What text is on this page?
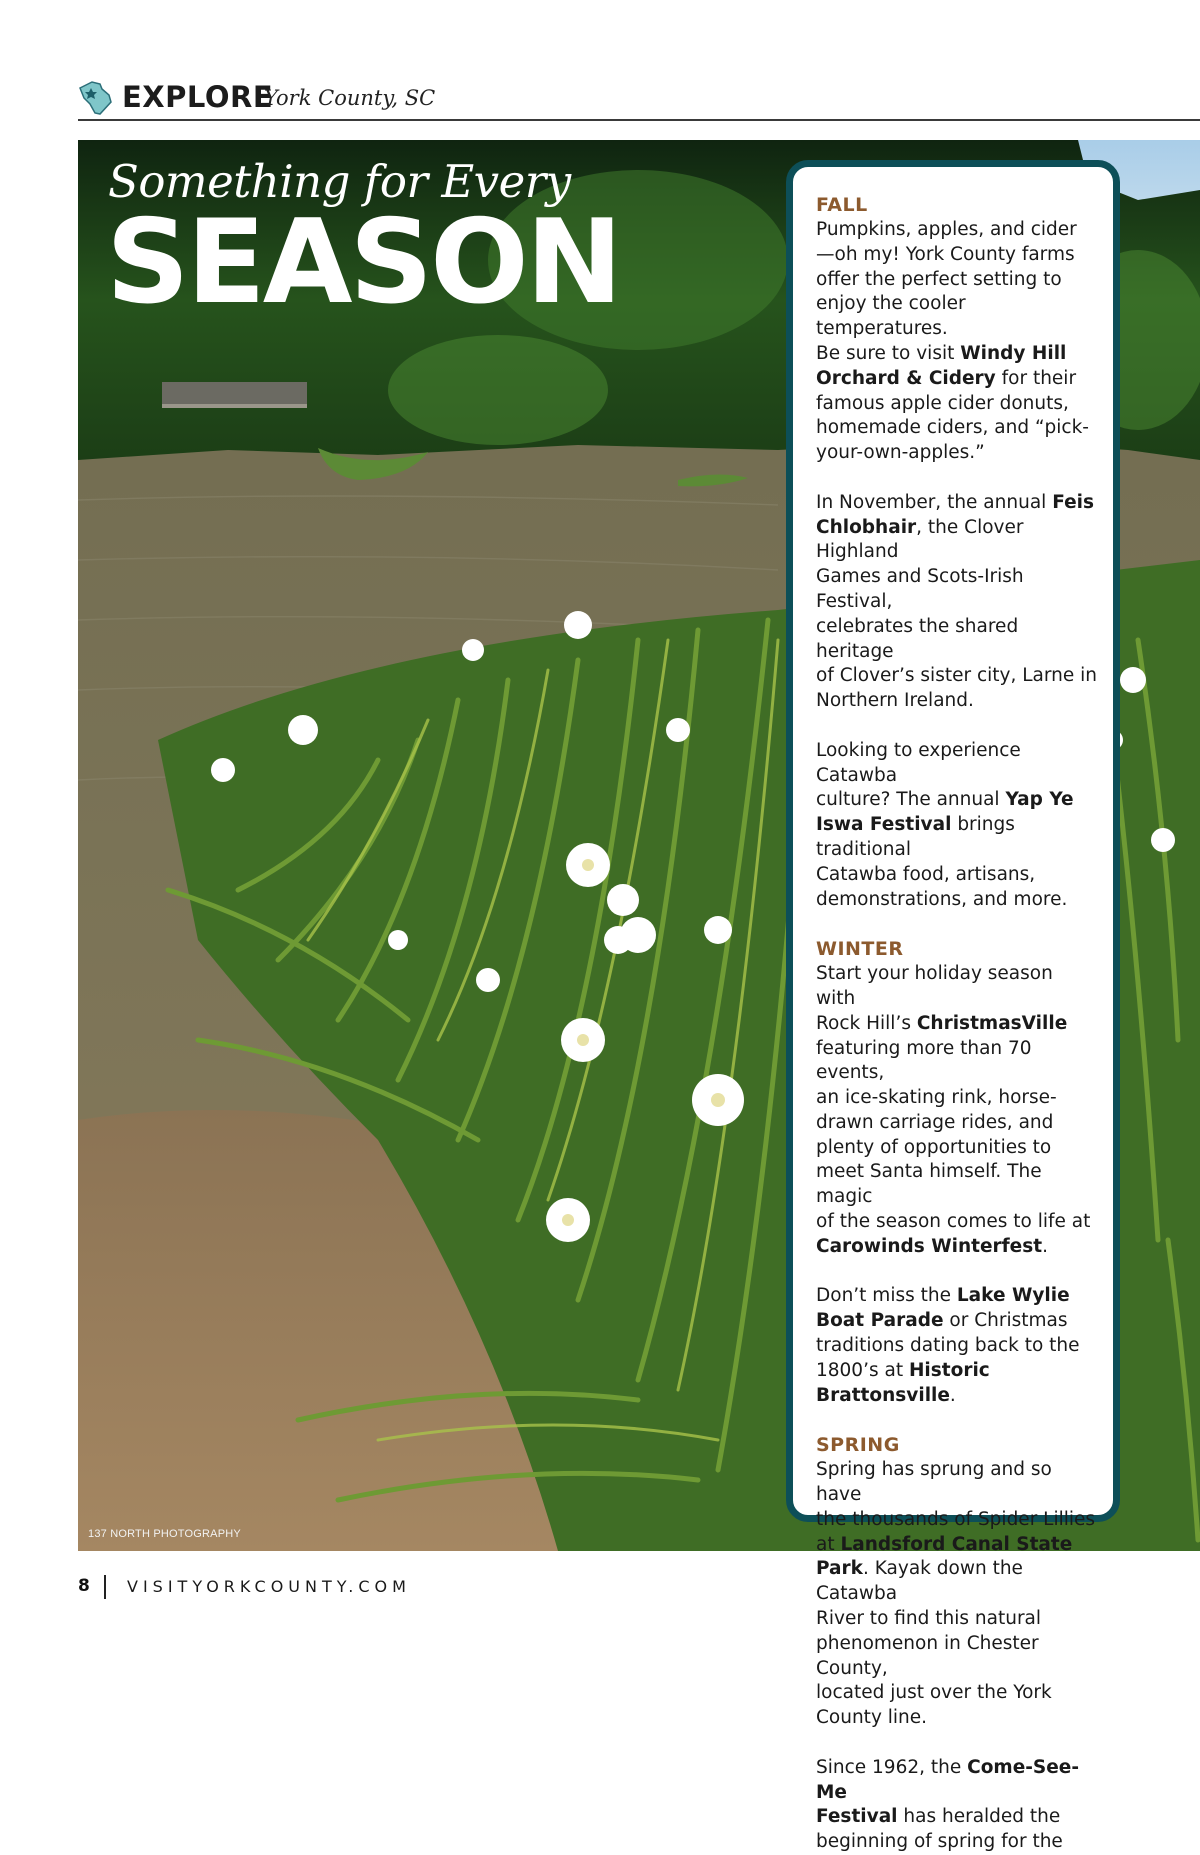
EXPLORE
York County, SC
Something for Every
SEASON
137 NORTH PHOTOGRAPHY
FALL

Pumpkins, apples, and cider
—oh my! York County farms
offer the perfect setting to
enjoy the cooler temperatures.
Be sure to visit Windy Hill
Orchard & Cidery for their
famous apple cider donuts,
homemade ciders, and “pick-
your-own-apples.”

In November, the annual Feis
Chlobhair, the Clover Highland
Games and Scots-Irish Festival,
celebrates the shared heritage
of Clover’s sister city, Larne in
Northern Ireland.

Looking to experience Catawba
culture? The annual Yap Ye
Iswa Festival brings traditional
Catawba food, artisans,
demonstrations, and more.

WINTER

Start your holiday season with
Rock Hill’s ChristmasVille
featuring more than 70 events,
an ice-skating rink, horse-
drawn carriage rides, and
plenty of opportunities to
meet Santa himself. The magic
of the season comes to life at
Carowinds Winterfest.

Don’t miss the Lake Wylie
Boat Parade or Christmas
traditions dating back to the
1800’s at Historic Brattonsville.

SPRING

Spring has sprung and so have
the thousands of Spider Lillies
at Landsford Canal State
Park. Kayak down the Catawba
River to find this natural
phenomenon in Chester County,
located just over the York
County line.

Since 1962, the Come-See-Me
Festival has heralded the
beginning of spring for the

8 VISITYORKCOUNTY.COM
